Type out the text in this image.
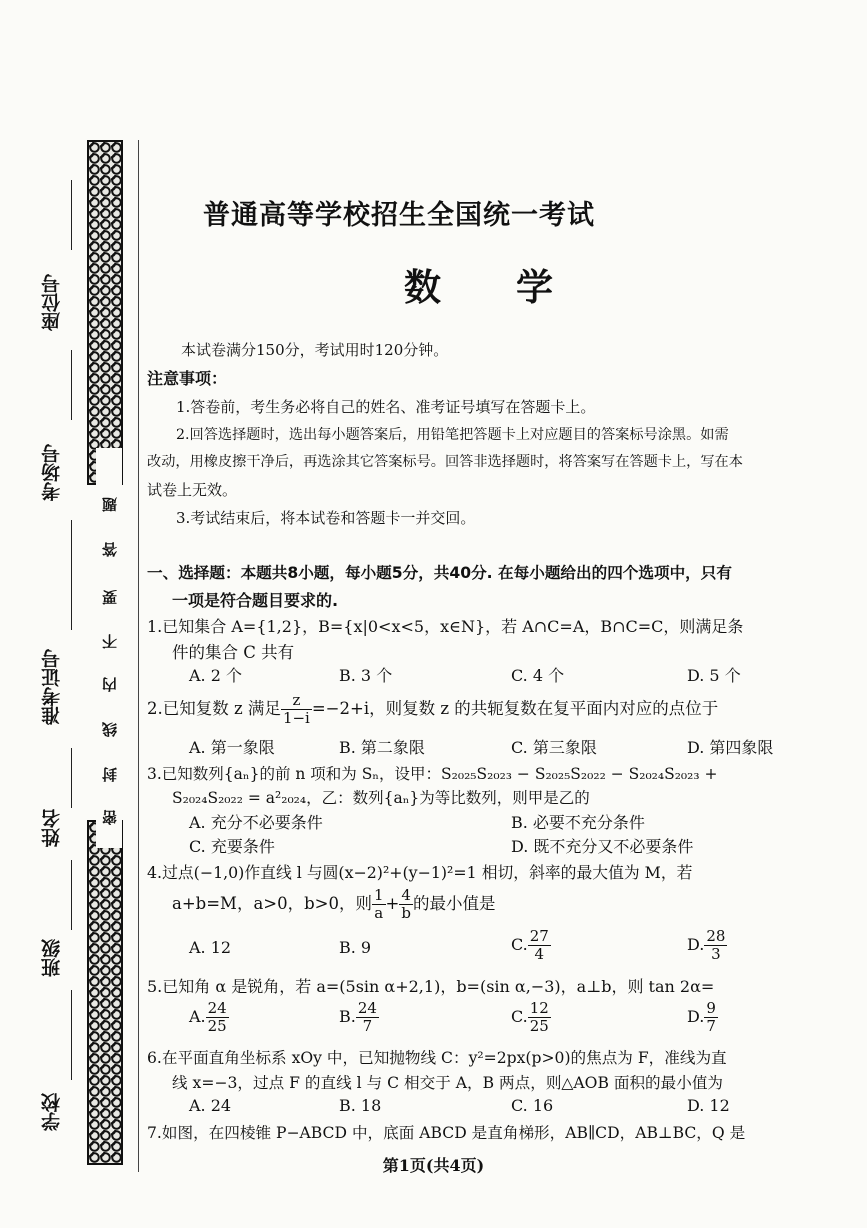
座位号
考场号
准考证号
姓名
班级
学校
题
答
要
不
内
线
封
密
普通高等学校招生全国统一考试
数学
本试卷满分150分，考试用时120分钟。
注意事项：
1.答卷前，考生务必将自己的姓名、准考证号填写在答题卡上。
2.回答选择题时，选出每小题答案后，用铅笔把答题卡上对应题目的答案标号涂黑。如需
改动，用橡皮擦干净后，再选涂其它答案标号。回答非选择题时，将答案写在答题卡上，写在本
试卷上无效。
3.考试结束后，将本试卷和答题卡一并交回。
一、选择题：本题共8小题，每小题5分，共40分. 在每小题给出的四个选项中，只有
一项是符合题目要求的.
1.已知集合 A={1,2}，B={x|0<x<5，x∈N}，若 A∩C=A，B∩C=C，则满足条
件的集合 C 共有
A. 2 个	B. 3 个	C. 4 个	D. 5 个
2.已知复数 z 满足 $\frac{z}{1-i} =-2+i$，则复数 z 的共轭复数在复平面内对应的点位于
A. 第一象限	B. 第二象限	C. 第三象限	D. 第四象限
3.已知数列{aₙ}的前 n 项和为 Sₙ，设甲：S₂₀₂₅S₂₀₂₃ − S₂₀₂₅S₂₀₂₂ − S₂₀₂₄S₂₀₂₃ +
S₂₀₂₄S₂₀₂₂ = a²₂₀₂₄，乙：数列{aₙ}为等比数列，则甲是乙的
A. 充分不必要条件	B. 必要不充分条件
C. 充要条件	D. 既不充分又不必要条件
4.过点(−1,0)作直线 l 与圆(x−2)²+(y−1)²=1 相切，斜率的最大值为 M，若
a+b=M，a>0，b>0，则 $\frac{1}{a} + \frac{4}{b}$ 的最小值是
A. 12	B. 9	C. $\frac{27}{4}$	D. $\frac{28}{3}$
5.已知角 α 是锐角，若 a=(5sin α+2,1)，b=(sin α,−3)，a⊥b，则 tan 2α=
A. $\frac{24}{25}$	B. $\frac{24}{7}$	C. $\frac{12}{25}$	D. $\frac{9}{7}$
6.在平面直角坐标系 xOy 中，已知抛物线 C：y²=2px(p>0)的焦点为 F，准线为直
线 x=−3，过点 F 的直线 l 与 C 相交于 A，B 两点，则△AOB 面积的最小值为
A. 24	B. 18	C. 16	D. 12
7.如图，在四棱锥 P−ABCD 中，底面 ABCD 是直角梯形，AB∥CD，AB⊥BC，Q 是
第1页(共4页)
